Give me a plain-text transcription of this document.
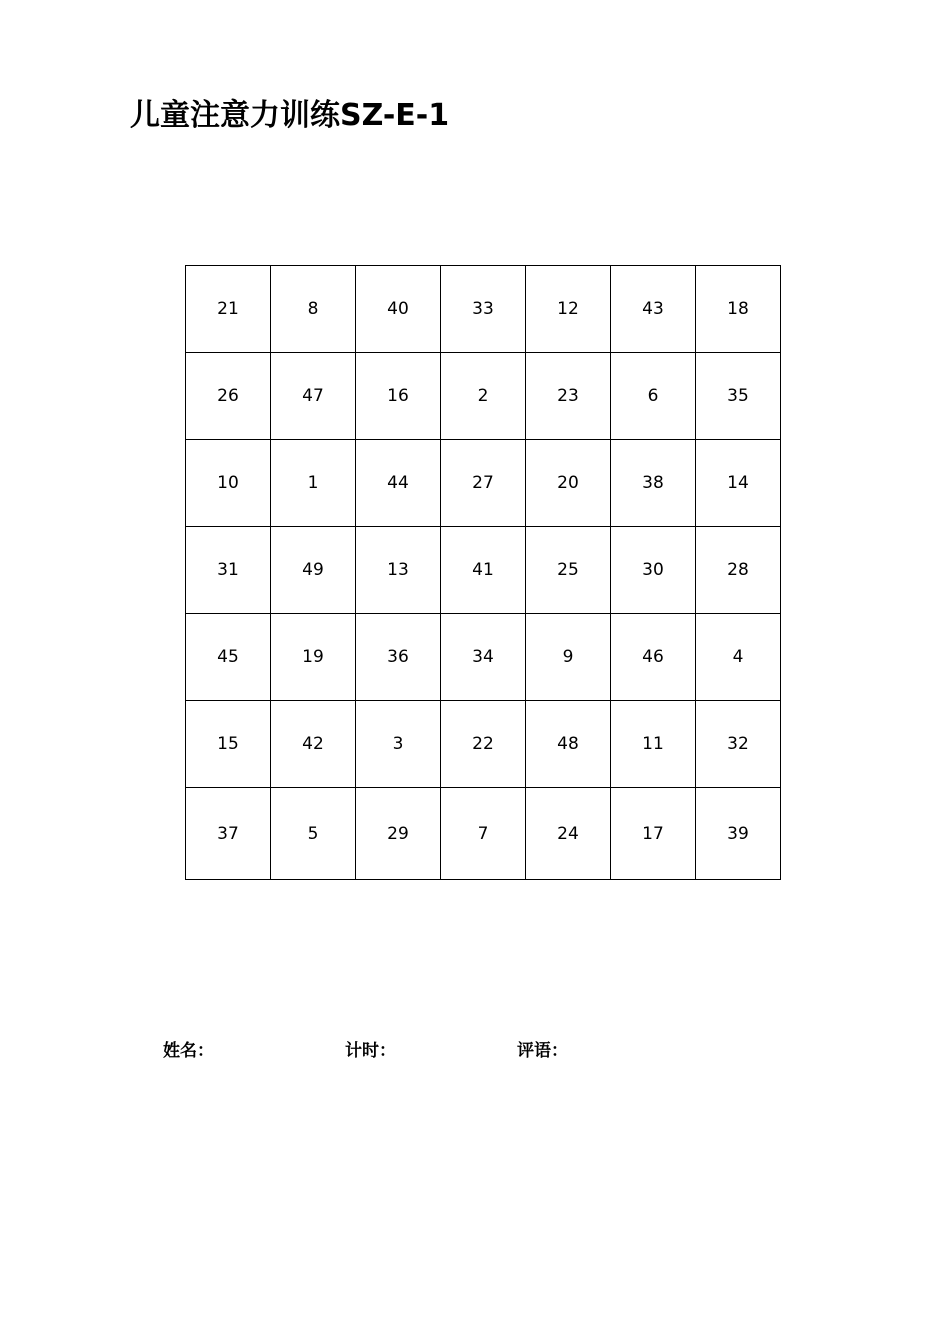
儿童注意力训练SZ-E-1
21	8	40	33	12	43	18
26	47	16	2	23	6	35
10	1	44	27	20	38	14
31	49	13	41	25	30	28
45	19	36	34	9	46	4
15	42	3	22	48	11	32
37	5	29	7	24	17	39
姓名：	计时：	评语：
